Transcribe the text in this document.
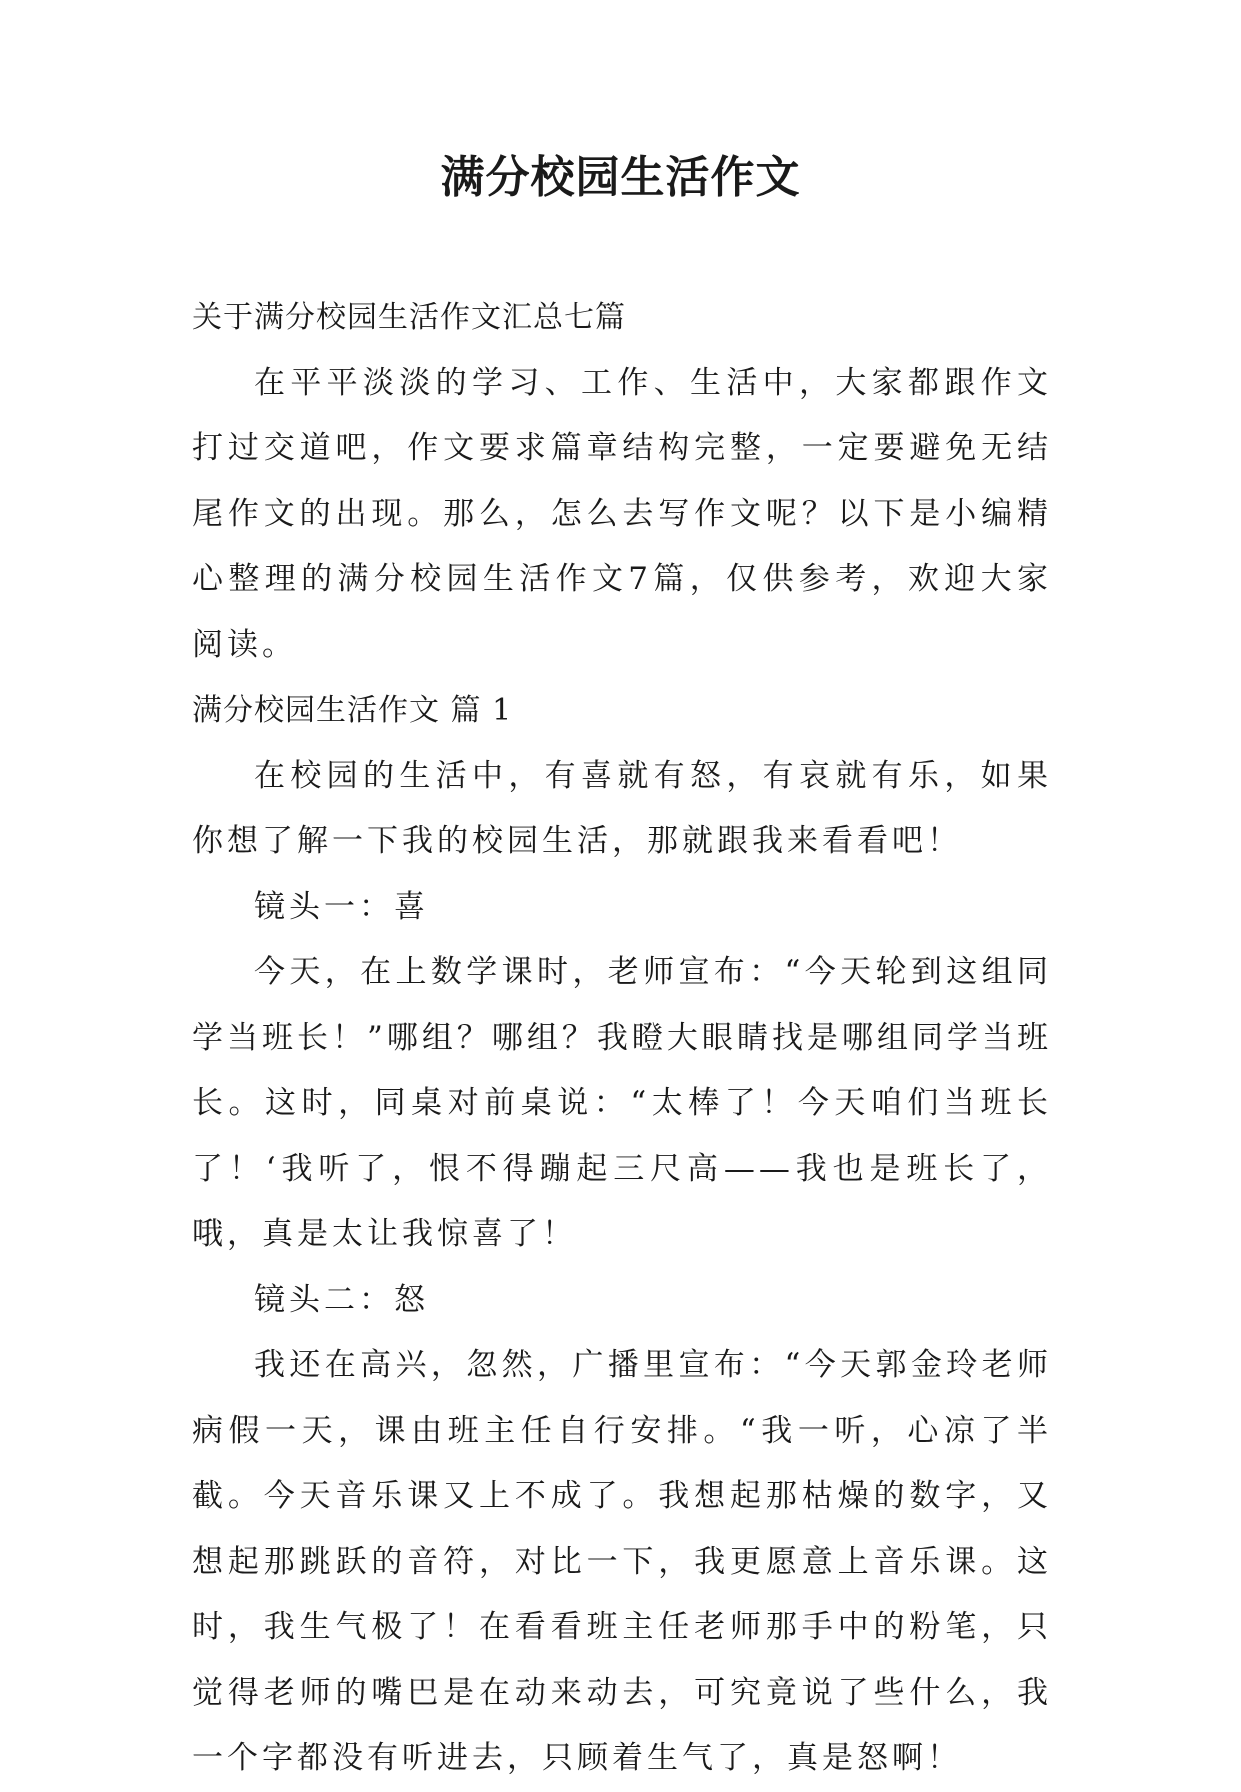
满分校园生活作文

关于满分校园生活作文汇总七篇

在平平淡淡的学习、工作、生活中，大家都跟作文打过交道吧，作文要求篇章结构完整，一定要避免无结尾作文的出现。那么，怎么去写作文呢？以下是小编精心整理的满分校园生活作文7篇，仅供参考，欢迎大家阅读。

满分校园生活作文 篇 1

在校园的生活中，有喜就有怒，有哀就有乐，如果你想了解一下我的校园生活，那就跟我来看看吧！

镜头一：喜

今天，在上数学课时，老师宣布：“今天轮到这组同学当班长！”哪组？哪组？我瞪大眼睛找是哪组同学当班长。这时，同桌对前桌说：“太棒了！今天咱们当班长了！‘我听了，恨不得蹦起三尺高——我也是班长了，哦，真是太让我惊喜了！

镜头二：怒

我还在高兴，忽然，广播里宣布：“今天郭金玲老师病假一天，课由班主任自行安排。“我一听，心凉了半截。今天音乐课又上不成了。我想起那枯燥的数字，又想起那跳跃的音符，对比一下，我更愿意上音乐课。这时，我生气极了！在看看班主任老师那手中的粉笔，只觉得老师的嘴巴是在动来动去，可究竟说了些什么，我一个字都没有听进去，只顾着生气了，真是怒啊！
